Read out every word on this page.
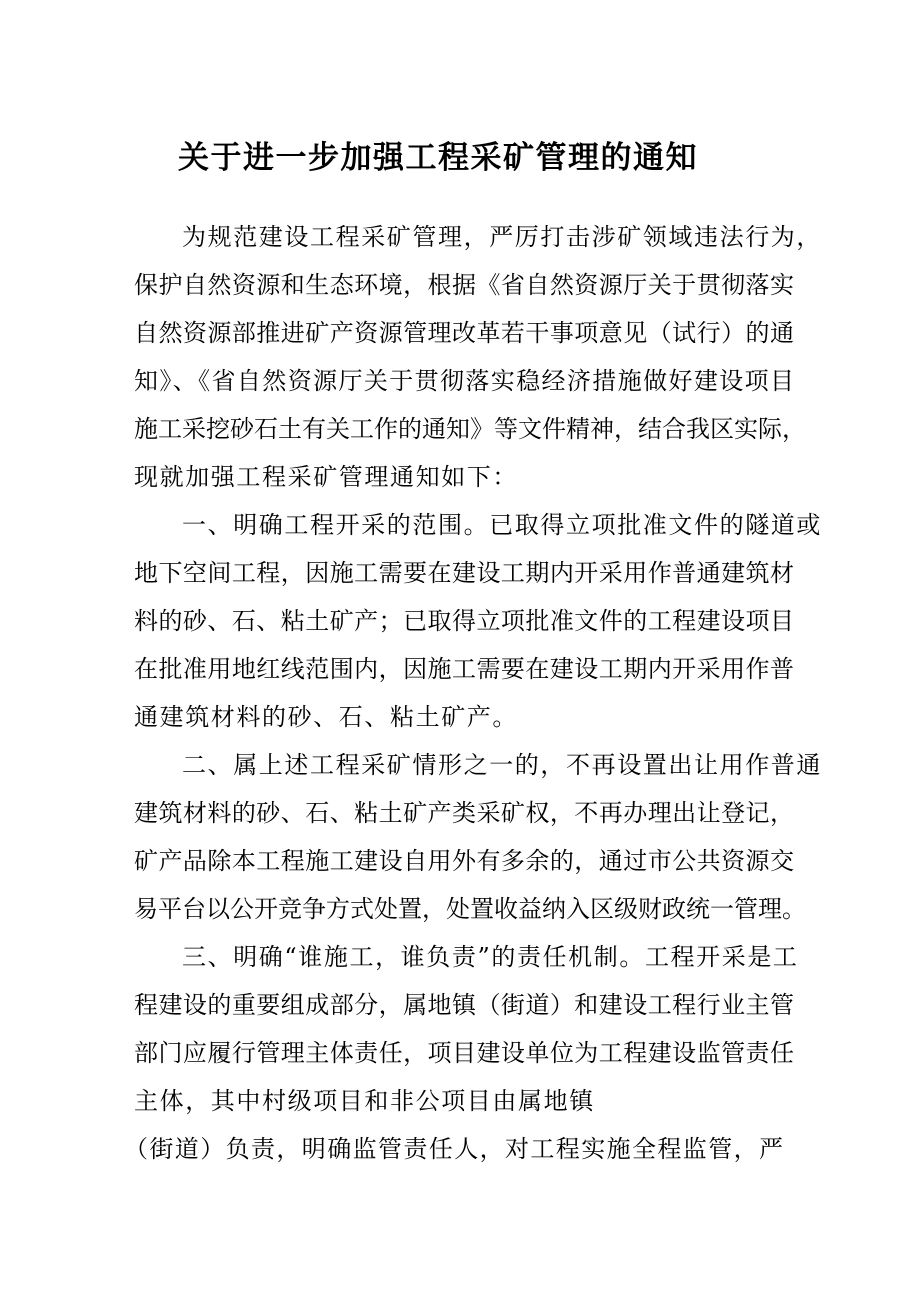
关于进一步加强工程采矿管理的通知

为规范建设工程采矿管理，严厉打击涉矿领域违法行为，

保护自然资源和生态环境，根据《省自然资源厅关于贯彻落实

自然资源部推进矿产资源管理改革若干事项意见（试行）的通

知》、《省自然资源厅关于贯彻落实稳经济措施做好建设项目

施工采挖砂石土有关工作的通知》等文件精神，结合我区实际，

现就加强工程采矿管理通知如下：

一、明确工程开采的范围。已取得立项批准文件的隧道或

地下空间工程，因施工需要在建设工期内开采用作普通建筑材

料的砂、石、粘土矿产；已取得立项批准文件的工程建设项目

在批准用地红线范围内，因施工需要在建设工期内开采用作普

通建筑材料的砂、石、粘土矿产。

二、属上述工程采矿情形之一的，不再设置出让用作普通

建筑材料的砂、石、粘土矿产类采矿权，不再办理出让登记，

矿产品除本工程施工建设自用外有多余的，通过市公共资源交

易平台以公开竞争方式处置，处置收益纳入区级财政统一管理。

三、明确“谁施工，谁负责”的责任机制。工程开采是工

程建设的重要组成部分，属地镇（街道）和建设工程行业主管

部门应履行管理主体责任，项目建设单位为工程建设监管责任

主体，其中村级项目和非公项目由属地镇

（街道）负责，明确监管责任人，对工程实施全程监管，严
